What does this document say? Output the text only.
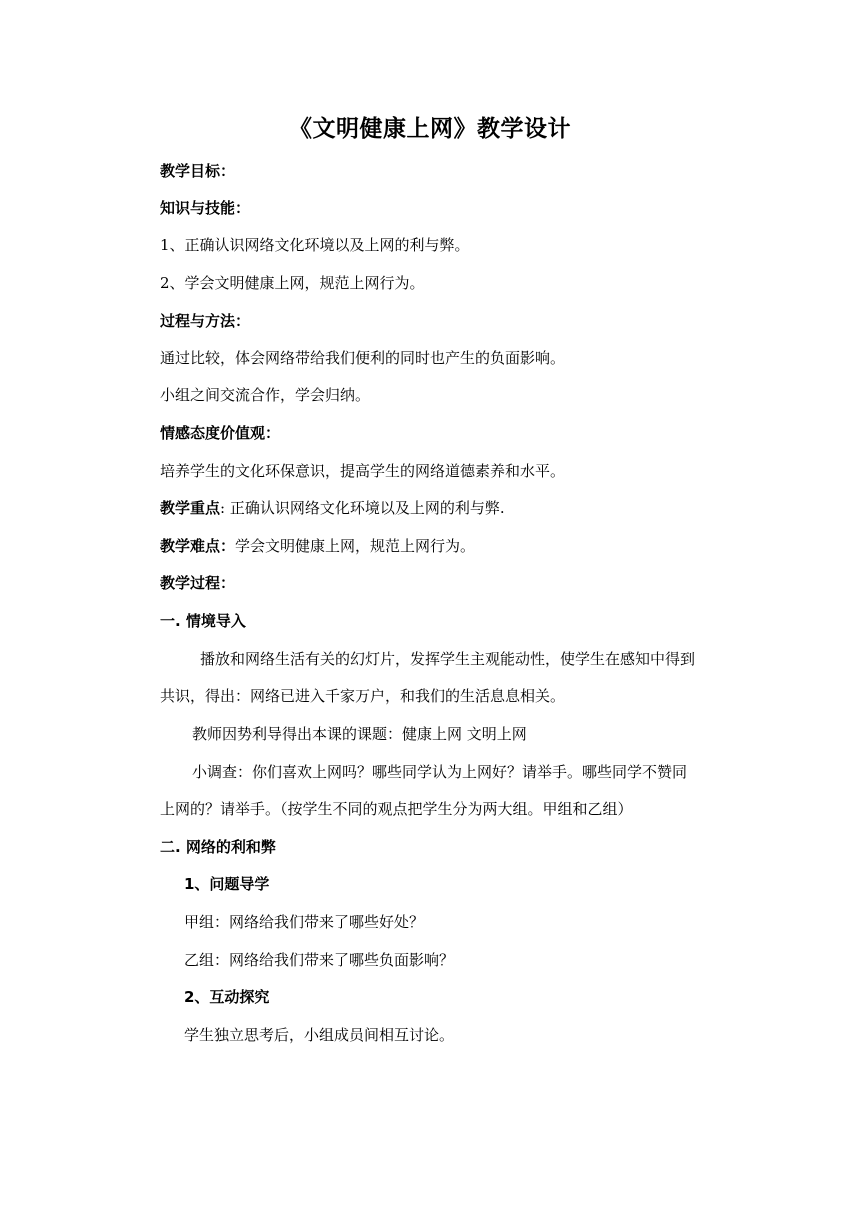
《文明健康上网》教学设计
教学目标：
知识与技能：
1、正确认识网络文化环境以及上网的利与弊。
2、学会文明健康上网，规范上网行为。
过程与方法：
通过比较，体会网络带给我们便利的同时也产生的负面影响。
小组之间交流合作，学会归纳。
情感态度价值观：
培养学生的文化环保意识，提高学生的网络道德素养和水平。
教学重点: 正确认识网络文化环境以及上网的利与弊.
教学难点：学会文明健康上网，规范上网行为。
教学过程：
一. 情境导入
播放和网络生活有关的幻灯片，发挥学生主观能动性，使学生在感知中得到
共识，得出：网络已进入千家万户，和我们的生活息息相关。
教师因势利导得出本课的课题：健康上网 文明上网
小调查：你们喜欢上网吗？哪些同学认为上网好？请举手。哪些同学不赞同
上网的？请举手。（按学生不同的观点把学生分为两大组。甲组和乙组）
二. 网络的利和弊
1、问题导学
甲组：网络给我们带来了哪些好处？
乙组：网络给我们带来了哪些负面影响？
2、互动探究
学生独立思考后，小组成员间相互讨论。
